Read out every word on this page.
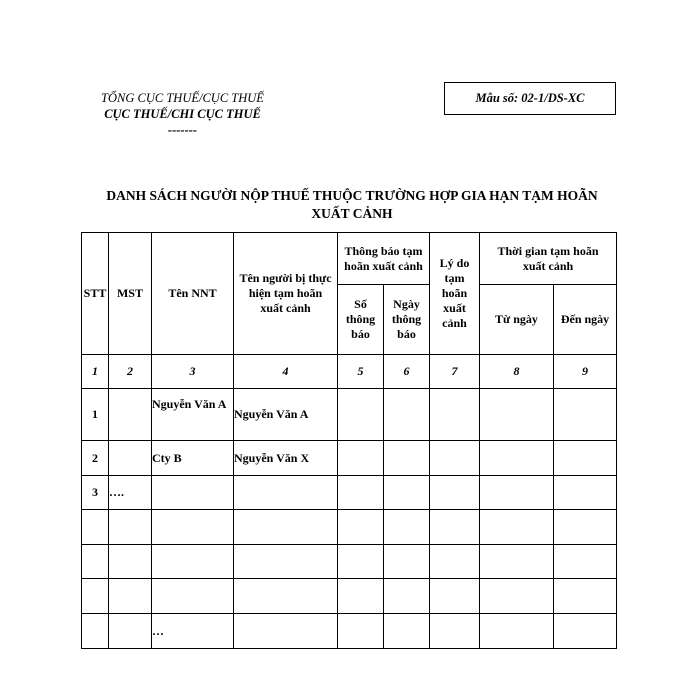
TỔNG CỤC THUẾ/CỤC THUẾ
CỤC THUẾ/CHI CỤC THUẾ
-------
Mẫu số: 02-1/DS-XC
DANH SÁCH NGƯỜI NỘP THUẾ THUỘC TRƯỜNG HỢP GIA HẠN TẠM HOÃN XUẤT CẢNH
STT	MST	Tên NNT	Tên người bị thực hiện tạm hoãn xuất cảnh	Thông báo tạm hoãn xuất cảnh		Lý do tạm hoãn xuất cảnh	Thời gian tạm hoãn xuất cảnh	
				Số thông báo	Ngày thông báo		Từ ngày	Đến ngày
1	2	3	4	5	6	7	8	9
1		Nguyễn Văn A	Nguyễn Văn A					
2		Cty B	Nguyễn Văn X					
3	….							

		…						
